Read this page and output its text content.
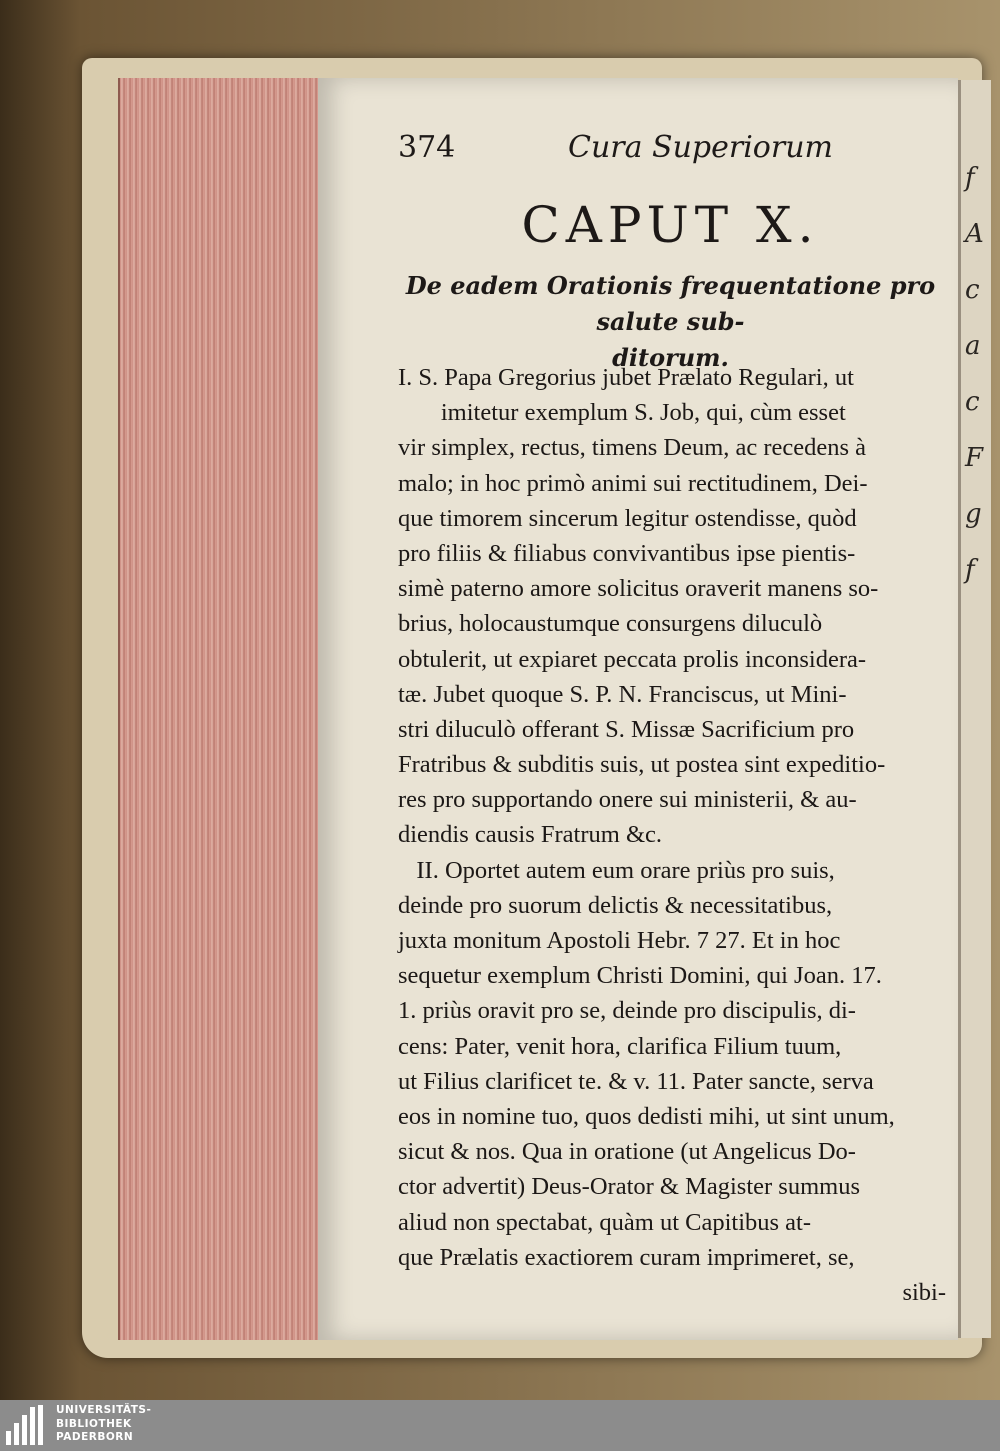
f
A
c
a
c
F
g
f
374	Cura Superiorum
CAPUT X.
De eadem Orationis frequentatione pro salute sub-
ditorum.
I. S. Papa Gregorius jubet Prælato Regulari, ut
imitetur exemplum S. Job, qui, cùm esset
vir simplex, rectus, timens Deum, ac recedens à
malo; in hoc primò animi sui rectitudinem, Dei-
que timorem sincerum legitur ostendisse, quòd
pro filiis & filiabus convivantibus ipse pientis-
simè paterno amore solicitus oraverit manens so-
brius, holocaustumque consurgens diluculò
obtulerit, ut expiaret peccata prolis inconsidera-
tæ. Jubet quoque S. P. N. Franciscus, ut Mini-
stri diluculò offerant S. Missæ Sacrificium pro
Fratribus & subditis suis, ut postea sint expeditio-
res pro supportando onere sui ministerii, & au-
diendis causis Fratrum &c.
II. Oportet autem eum orare priùs pro suis,
deinde pro suorum delictis & necessitatibus,
juxta monitum Apostoli Hebr. 7 27. Et in hoc
sequetur exemplum Christi Domini, qui Joan. 17.
1. priùs oravit pro se, deinde pro discipulis, di-
cens: Pater, venit hora, clarifica Filium tuum,
ut Filius clarificet te. & v. 11. Pater sancte, serva
eos in nomine tuo, quos dedisti mihi, ut sint unum,
sicut & nos. Qua in oratione (ut Angelicus Do-
ctor advertit) Deus-Orator & Magister summus
aliud non spectabat, quàm ut Capitibus at-
que Prælatis exactiorem curam imprimeret, se,
sibi-
UNIVERSITÄTS-
BIBLIOTHEK
PADERBORN
